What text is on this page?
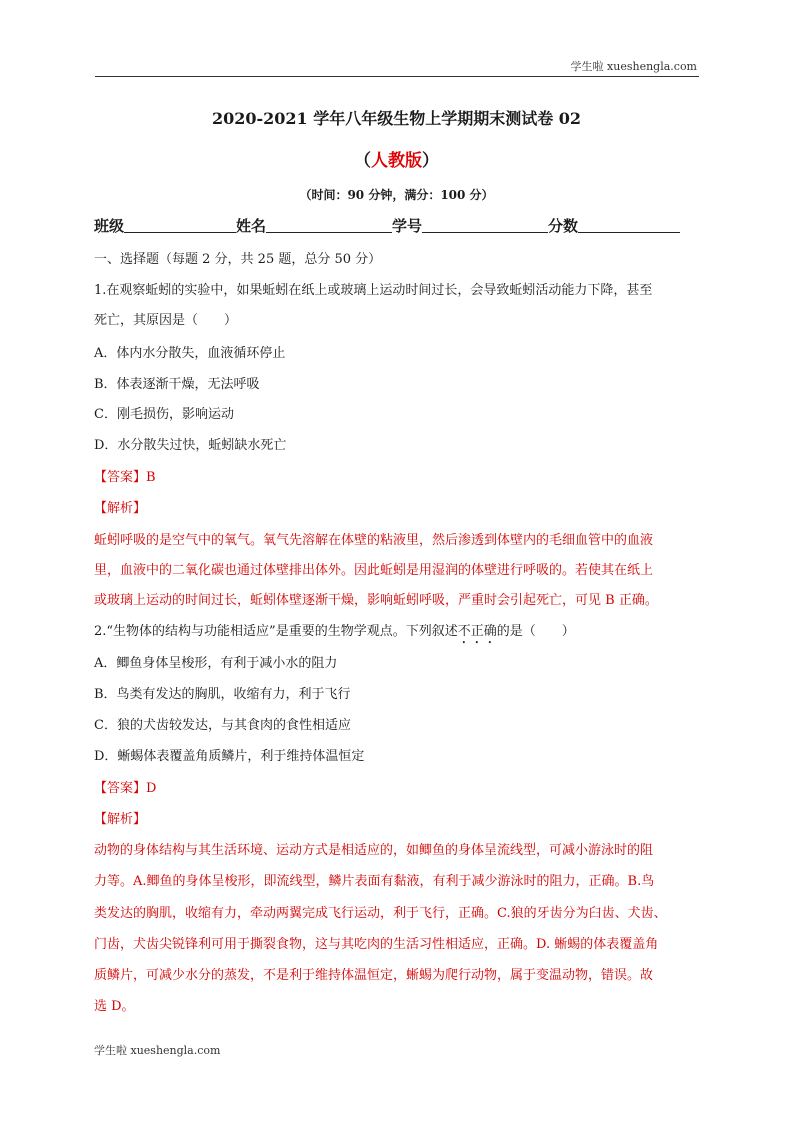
学生啦 xueshengla.com
2020-2021 学年八年级生物上学期期末测试卷 02
（人教版）
（时间：90 分钟，满分：100 分）
班级	姓名	学号	分数
一、选择题（每题 2 分，共 25 题，总分 50 分）
1.在观察蚯蚓的实验中，如果蚯蚓在纸上或玻璃上运动时间过长，会导致蚯蚓活动能力下降，甚至
死亡，其原因是（　　）
A．体内水分散失，血液循环停止
B．体表逐渐干燥，无法呼吸
C．刚毛损伤，影响运动
D．水分散失过快，蚯蚓缺水死亡
【答案】B
【解析】
蚯蚓呼吸的是空气中的氧气。氧气先溶解在体壁的粘液里，然后渗透到体壁内的毛细血管中的血液
里，血液中的二氧化碳也通过体壁排出体外。因此蚯蚓是用湿润的体壁进行呼吸的。若使其在纸上
或玻璃上运动的时间过长，蚯蚓体壁逐渐干燥，影响蚯蚓呼吸，严重时会引起死亡，可见 B 正确。
2.“生物体的结构与功能相适应”是重要的生物学观点。下列叙述不正确的是（　　）
A．鲫鱼身体呈梭形，有利于减小水的阻力
B．鸟类有发达的胸肌，收缩有力，利于飞行
C．狼的犬齿较发达，与其食肉的食性相适应
D．蜥蜴体表覆盖角质鳞片，利于维持体温恒定
【答案】D
【解析】
动物的身体结构与其生活环境、运动方式是相适应的，如鲫鱼的身体呈流线型，可减小游泳时的阻
力等。A.鲫鱼的身体呈梭形，即流线型，鳞片表面有黏液，有利于减少游泳时的阻力，正确。B.鸟
类发达的胸肌，收缩有力，牵动两翼完成飞行运动，利于飞行，正确。C.狼的牙齿分为臼齿、犬齿、
门齿，犬齿尖锐锋利可用于撕裂食物，这与其吃肉的生活习性相适应，正确。D. 蜥蜴的体表覆盖角
质鳞片，可减少水分的蒸发，不是利于维持体温恒定，蜥蜴为爬行动物，属于变温动物，错误。故
选 D。
学生啦 xueshengla.com
